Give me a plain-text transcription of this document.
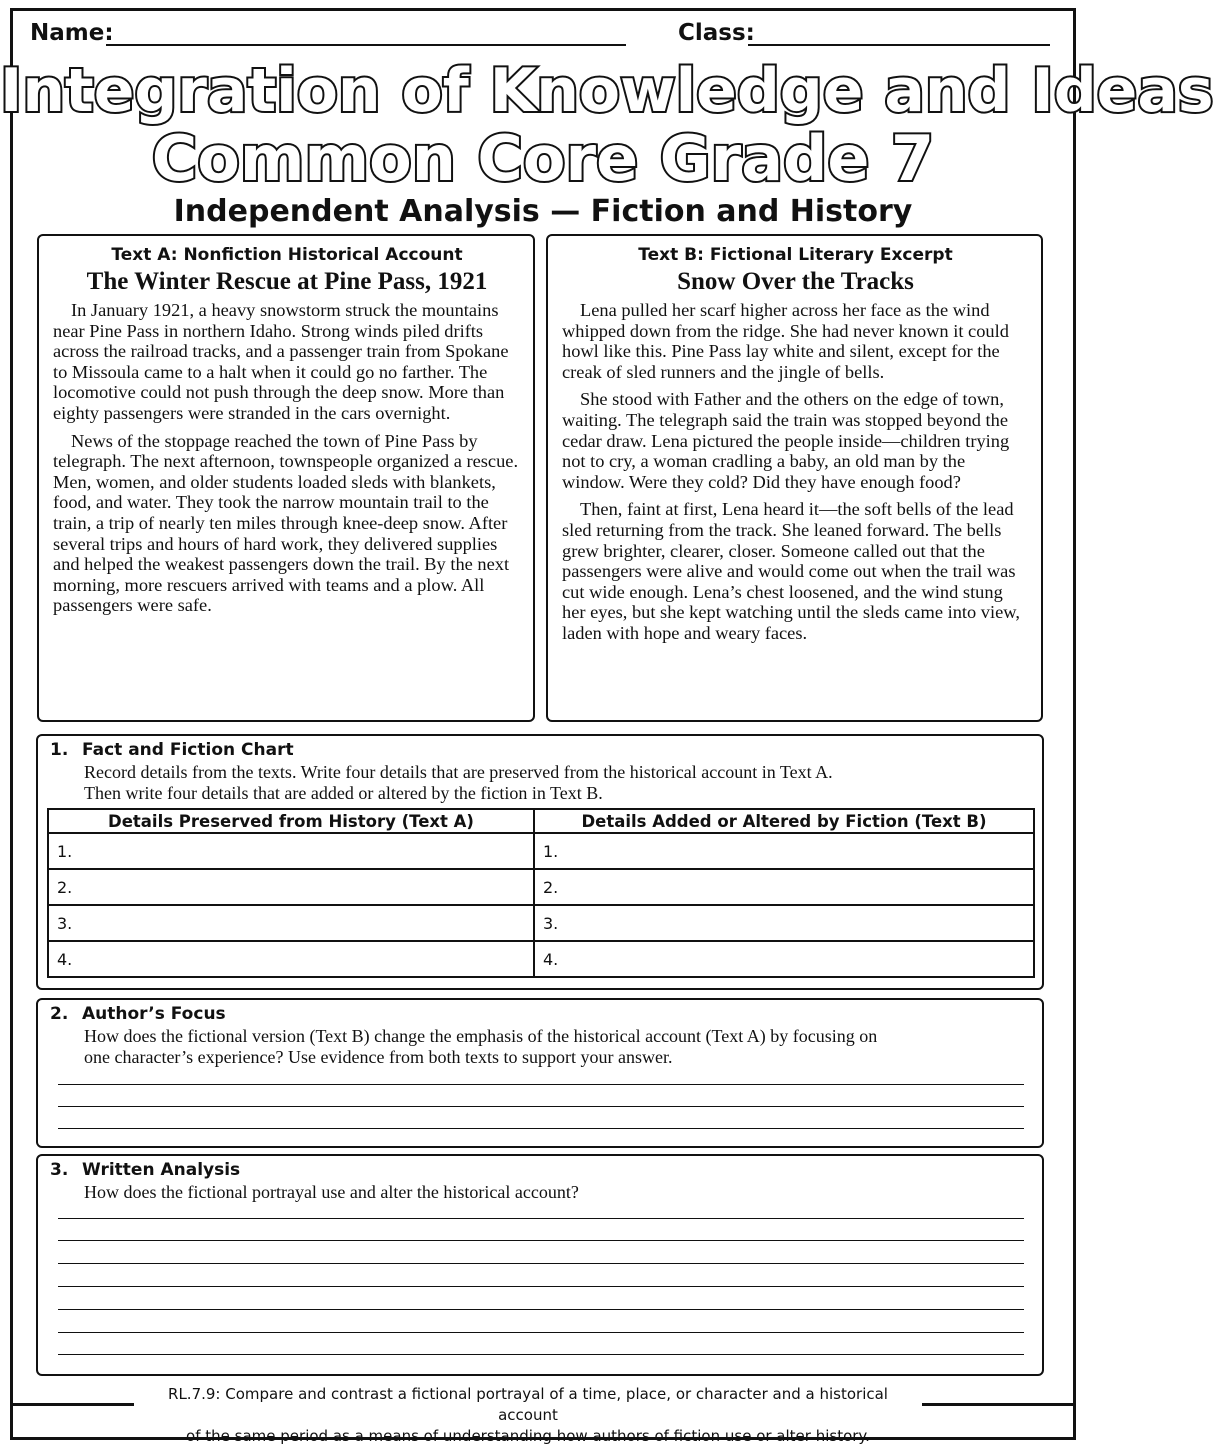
Name:	Class:
Integration of Knowledge and Ideas
Common Core Grade 7
Independent Analysis — Fiction and History
Text A: Nonfiction Historical Account
The Winter Rescue at Pine Pass, 1921

In January 1921, a heavy snowstorm struck the mountains near Pine Pass in northern Idaho. Strong winds piled drifts across the railroad tracks, and a passenger train from Spokane to Missoula came to a halt when it could go no farther. The locomotive could not push through the deep snow. More than eighty passengers were stranded in the cars overnight.

News of the stoppage reached the town of Pine Pass by telegraph. The next afternoon, townspeople organized a rescue. Men, women, and older students loaded sleds with blankets, food, and water. They took the narrow mountain trail to the train, a trip of nearly ten miles through knee-deep snow. After several trips and hours of hard work, they delivered supplies and helped the weakest passengers down the trail. By the next morning, more rescuers arrived with teams and a plow. All passengers were safe.

Text B: Fictional Literary Excerpt
Snow Over the Tracks

Lena pulled her scarf higher across her face as the wind whipped down from the ridge. She had never known it could howl like this. Pine Pass lay white and silent, except for the creak of sled runners and the jingle of bells.

She stood with Father and the others on the edge of town, waiting. The telegraph said the train was stopped beyond the cedar draw. Lena pictured the people inside—children trying not to cry, a woman cradling a baby, an old man by the window. Were they cold? Did they have enough food?

Then, faint at first, Lena heard it—the soft bells of the lead sled returning from the track. She leaned forward. The bells grew brighter, clearer, closer. Someone called out that the passengers were alive and would come out when the trail was cut wide enough. Lena’s chest loosened, and the wind stung her eyes, but she kept watching until the sleds came into view, laden with hope and weary faces.

1. Fact and Fiction Chart
Record details from the texts. Write four details that are preserved from the historical account in Text A.
Then write four details that are added or altered by the fiction in Text B.
Details Preserved from History (Text A)	Details Added or Altered by Fiction (Text B)
1.	1.
2.	2.
3.	3.
4.	4.
2. Author’s Focus
How does the fictional version (Text B) change the emphasis of the historical account (Text A) by focusing on
one character’s experience? Use evidence from both texts to support your answer.
3. Written Analysis
How does the fictional portrayal use and alter the historical account?
RL.7.9: Compare and contrast a fictional portrayal of a time, place, or character and a historical account
of the same period as a means of understanding how authors of fiction use or alter history.
